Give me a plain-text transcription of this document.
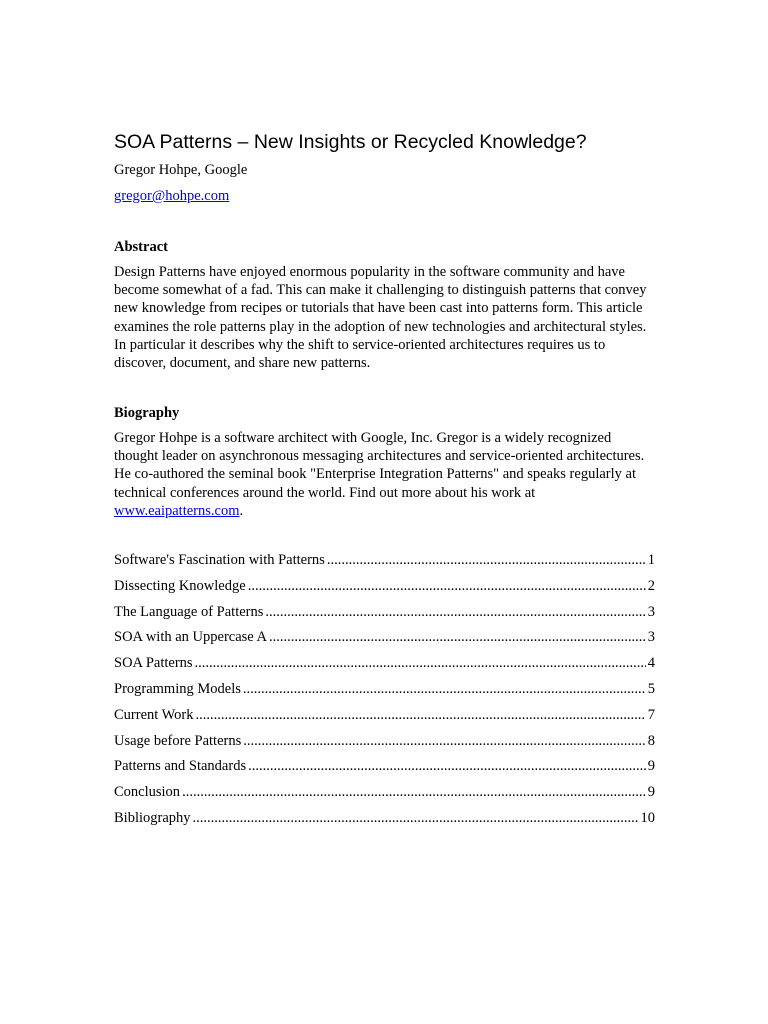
SOA Patterns – New Insights or Recycled Knowledge?
Gregor Hohpe, Google
gregor@hohpe.com
Abstract

Design Patterns have enjoyed enormous popularity in the software community and have become somewhat of a fad. This can make it challenging to distinguish patterns that convey new knowledge from recipes or tutorials that have been cast into patterns form. This article examines the role patterns play in the adoption of new technologies and architectural styles. In particular it describes why the shift to service-oriented architectures requires us to discover, document, and share new patterns.

Biography

Gregor Hohpe is a software architect with Google, Inc. Gregor is a widely recognized thought leader on asynchronous messaging architectures and service-oriented architectures. He co-authored the seminal book "Enterprise Integration Patterns" and speaks regularly at technical conferences around the world. Find out more about his work at www.eaipatterns.com.

Software's Fascination with Patterns .....	1
Dissecting Knowledge .....	2
The Language of Patterns .....	3
SOA with an Uppercase A .....	3
SOA Patterns .....	4
Programming Models .....	5
Current Work .....	7
Usage before Patterns .....	8
Patterns and Standards .....	9
Conclusion .....	9
Bibliography .....	10
